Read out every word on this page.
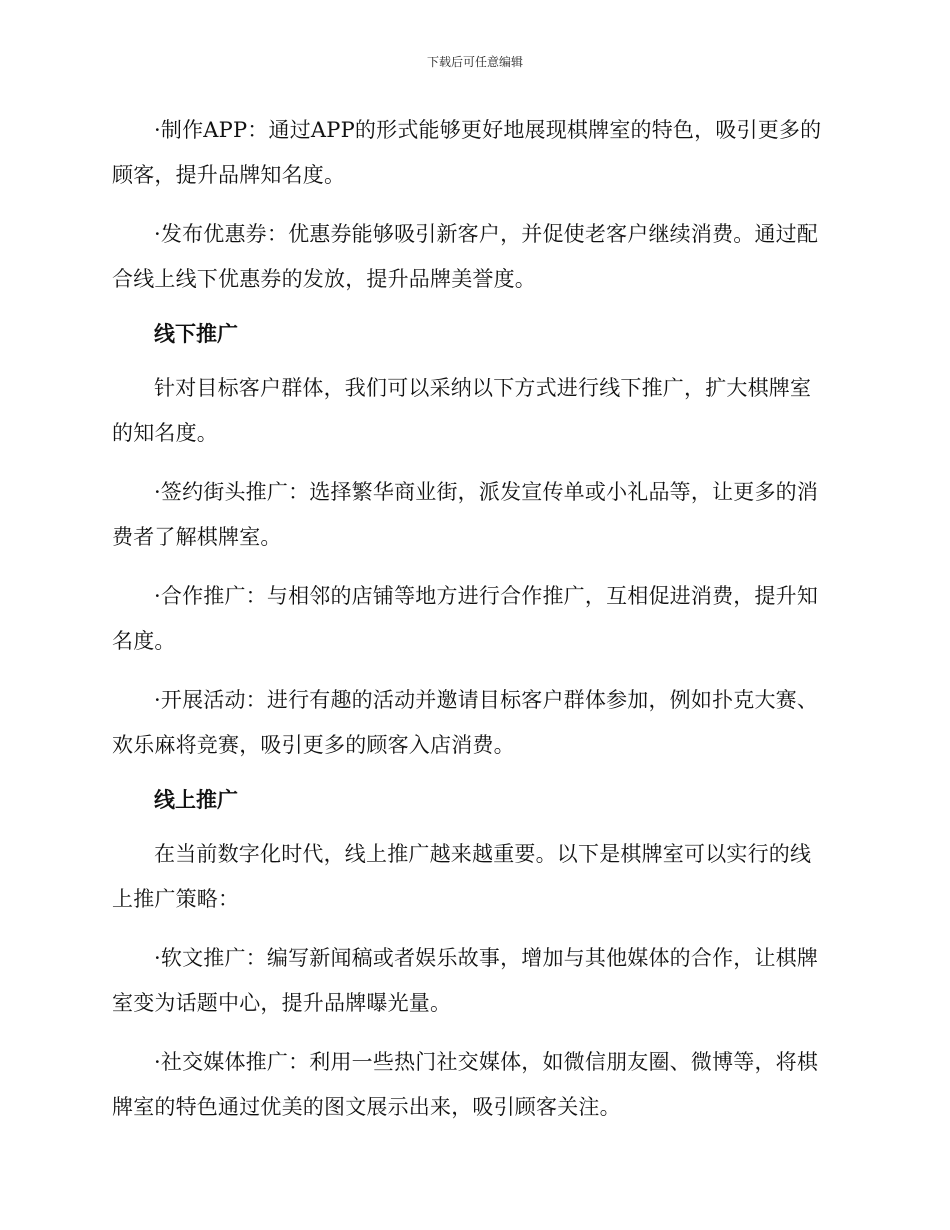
下载后可任意编辑

·制作APP：通过APP的形式能够更好地展现棋牌室的特色，吸引更多的顾客，提升品牌知名度。

·发布优惠券：优惠券能够吸引新客户，并促使老客户继续消费。通过配合线上线下优惠券的发放，提升品牌美誉度。

线下推广

针对目标客户群体，我们可以采纳以下方式进行线下推广，扩大棋牌室的知名度。

·签约街头推广：选择繁华商业街，派发宣传单或小礼品等，让更多的消费者了解棋牌室。

·合作推广：与相邻的店铺等地方进行合作推广，互相促进消费，提升知名度。

·开展活动：进行有趣的活动并邀请目标客户群体参加，例如扑克大赛、欢乐麻将竞赛，吸引更多的顾客入店消费。

线上推广

在当前数字化时代，线上推广越来越重要。以下是棋牌室可以实行的线上推广策略：

·软文推广：编写新闻稿或者娱乐故事，增加与其他媒体的合作，让棋牌室变为话题中心，提升品牌曝光量。

·社交媒体推广：利用一些热门社交媒体，如微信朋友圈、微博等，将棋牌室的特色通过优美的图文展示出来，吸引顾客关注。
